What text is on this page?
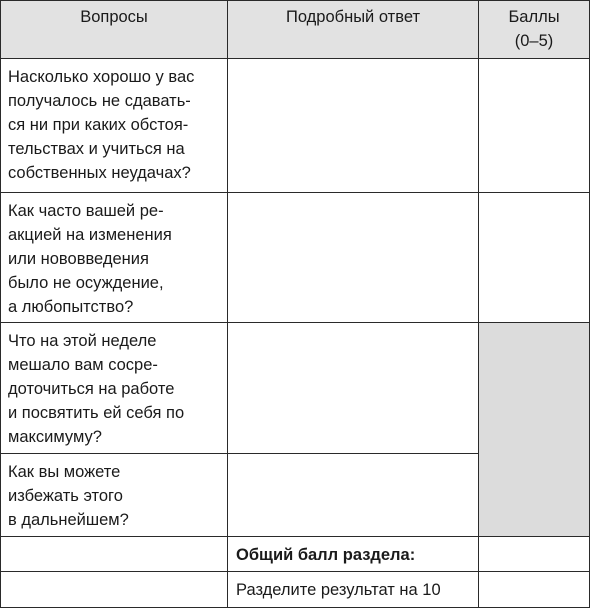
Вопросы	Подробный ответ	Баллы
(0–5)

Насколько хорошо у вас
получалось не сдавать-
ся ни при каких обстоя-
тельствах и учиться на
собственных неудачах?		

Как часто вашей ре-
акцией на изменения
или нововведения
было не осуждение,
а любопытство?		

Что на этой неделе
мешало вам сосре-
доточиться на работе
и посвятить ей себя по
максимуму?		

Как вы можете
избежать этого
в дальнейшем?		

	Общий балл раздела:	

	Разделите результат на 10	
